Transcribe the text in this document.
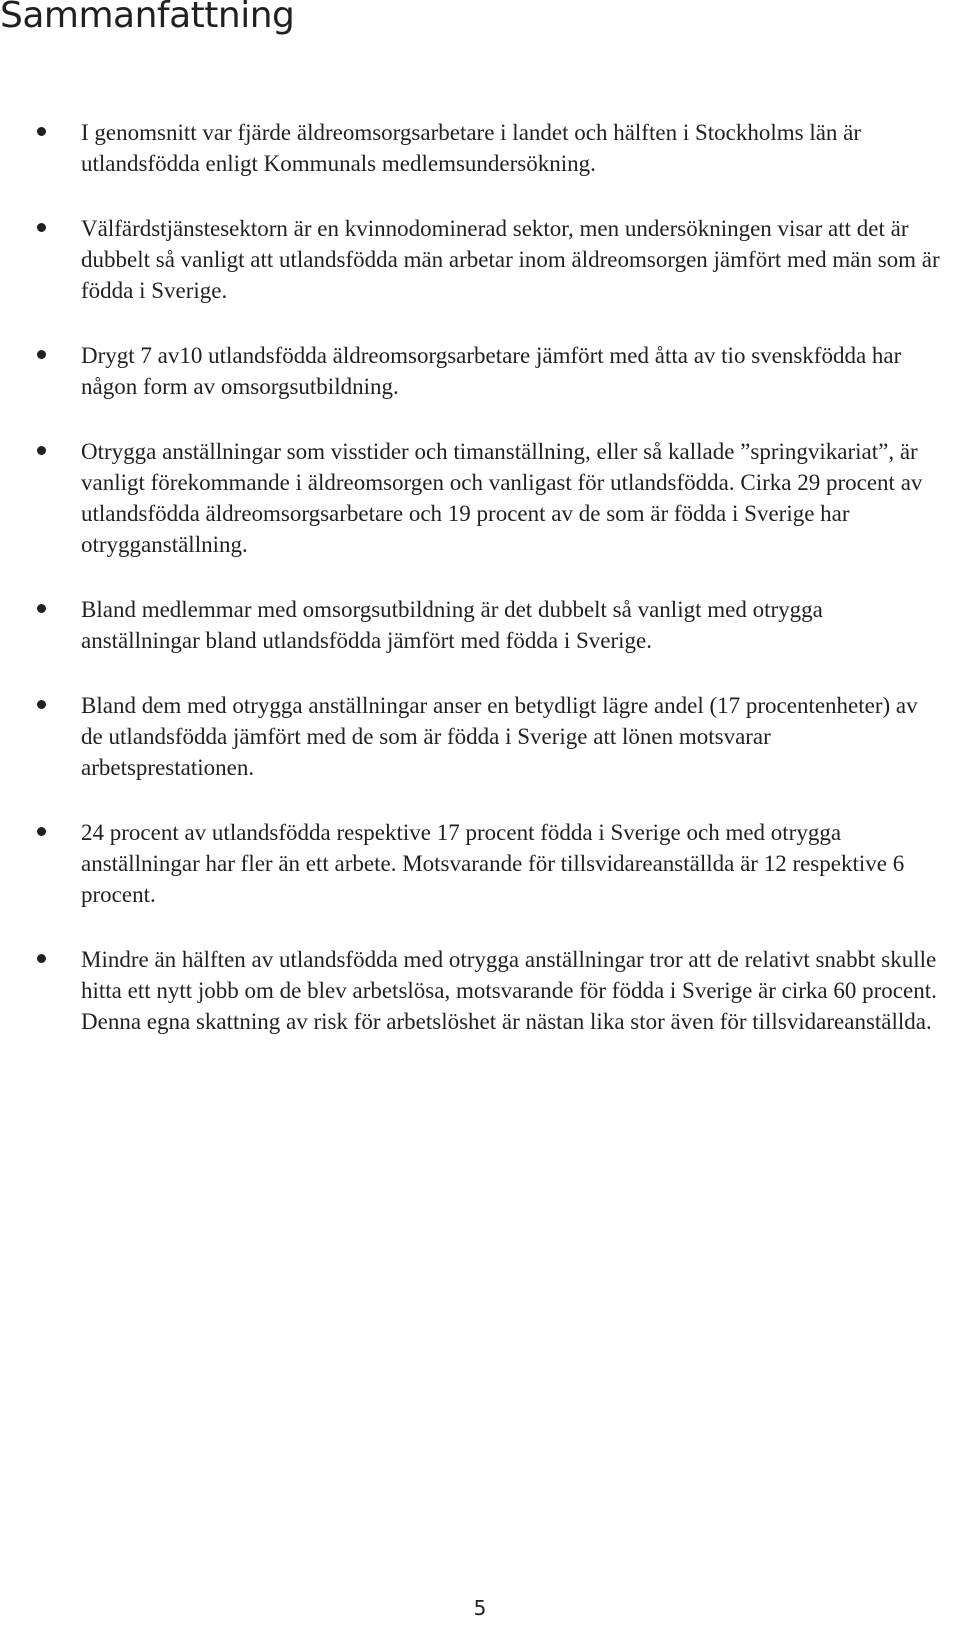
Sammanfattning
I genomsnitt var fjärde äldreomsorgsarbetare i landet och hälften i Stockholms län är utlandsfödda enligt Kommunals medlemsundersökning.
Välfärdstjänstesektorn är en kvinnodominerad sektor, men undersökningen visar att det är dubbelt så vanligt att utlandsfödda män arbetar inom äldreomsorgen jämfört med män som är födda i Sverige.
Drygt 7 av10 utlandsfödda äldreomsorgsarbetare jämfört med åtta av tio svenskfödda har någon form av omsorgsutbildning.
Otrygga anställningar som visstider och timanställning, eller så kallade ”springvikariat”, är vanligt förekommande i äldreomsorgen och vanligast för utlandsfödda. Cirka 29 procent av utlandsfödda äldreomsorgsarbetare och 19 procent av de som är födda i Sverige har otrygganställning.
Bland medlemmar med omsorgsutbildning är det dubbelt så vanligt med otrygga anställningar bland utlandsfödda jämfört med födda i Sverige.
Bland dem med otrygga anställningar anser en betydligt lägre andel (17 procentenheter) av de utlandsfödda jämfört med de som är födda i Sverige att lönen motsvarar arbetsprestationen.
24 procent av utlandsfödda respektive 17 procent födda i Sverige och med otrygga anställningar har fler än ett arbete. Motsvarande för tillsvidareanställda är 12 respektive 6 procent.
Mindre än hälften av utlandsfödda med otrygga anställningar tror att de relativt snabbt skulle hitta ett nytt jobb om de blev arbetslösa, motsvarande för födda i Sverige är cirka 60 procent. Denna egna skattning av risk för arbetslöshet är nästan lika stor även för tillsvidareanställda.
5
